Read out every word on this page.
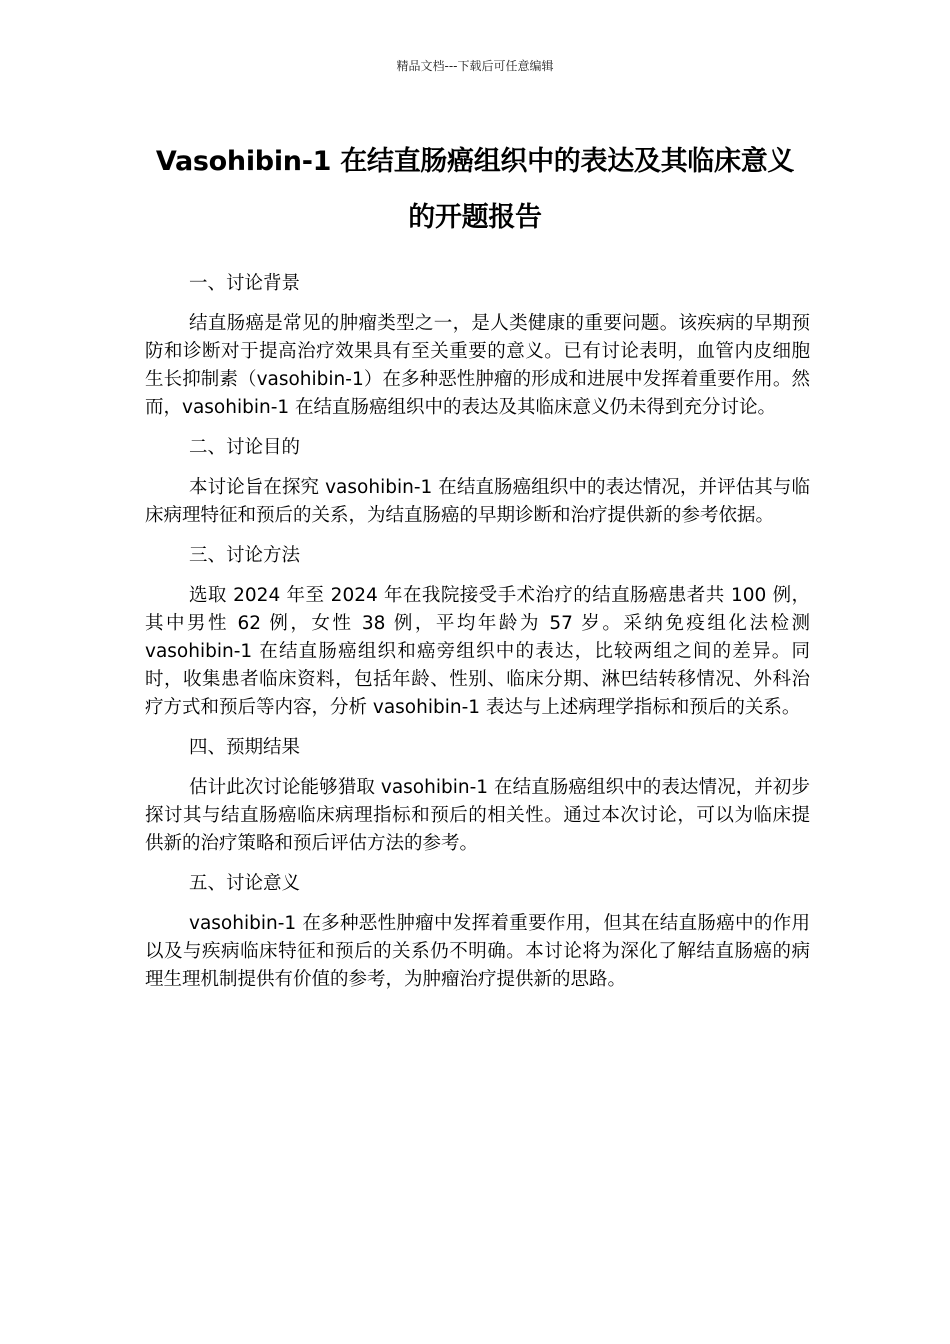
精品文档---下载后可任意编辑
Vasohibin-1 在结直肠癌组织中的表达及其临床意义
的开题报告
一、讨论背景
结直肠癌是常见的肿瘤类型之一，是人类健康的重要问题。该疾病的早期预防和诊断对于提高治疗效果具有至关重要的意义。已有讨论表明，血管内皮细胞生长抑制素（vasohibin-1）在多种恶性肿瘤的形成和进展中发挥着重要作用。然而，vasohibin-1 在结直肠癌组织中的表达及其临床意义仍未得到充分讨论。
二、讨论目的
本讨论旨在探究 vasohibin-1 在结直肠癌组织中的表达情况，并评估其与临床病理特征和预后的关系，为结直肠癌的早期诊断和治疗提供新的参考依据。
三、讨论方法
选取 2024 年至 2024 年在我院接受手术治疗的结直肠癌患者共 100 例，其中男性 62 例，女性 38 例，平均年龄为 57 岁。采纳免疫组化法检测 vasohibin-1 在结直肠癌组织和癌旁组织中的表达，比较两组之间的差异。同时，收集患者临床资料，包括年龄、性别、临床分期、淋巴结转移情况、外科治疗方式和预后等内容，分析 vasohibin-1 表达与上述病理学指标和预后的关系。
四、预期结果
估计此次讨论能够猎取 vasohibin-1 在结直肠癌组织中的表达情况，并初步探讨其与结直肠癌临床病理指标和预后的相关性。通过本次讨论，可以为临床提供新的治疗策略和预后评估方法的参考。
五、讨论意义
vasohibin-1 在多种恶性肿瘤中发挥着重要作用，但其在结直肠癌中的作用以及与疾病临床特征和预后的关系仍不明确。本讨论将为深化了解结直肠癌的病理生理机制提供有价值的参考，为肿瘤治疗提供新的思路。
